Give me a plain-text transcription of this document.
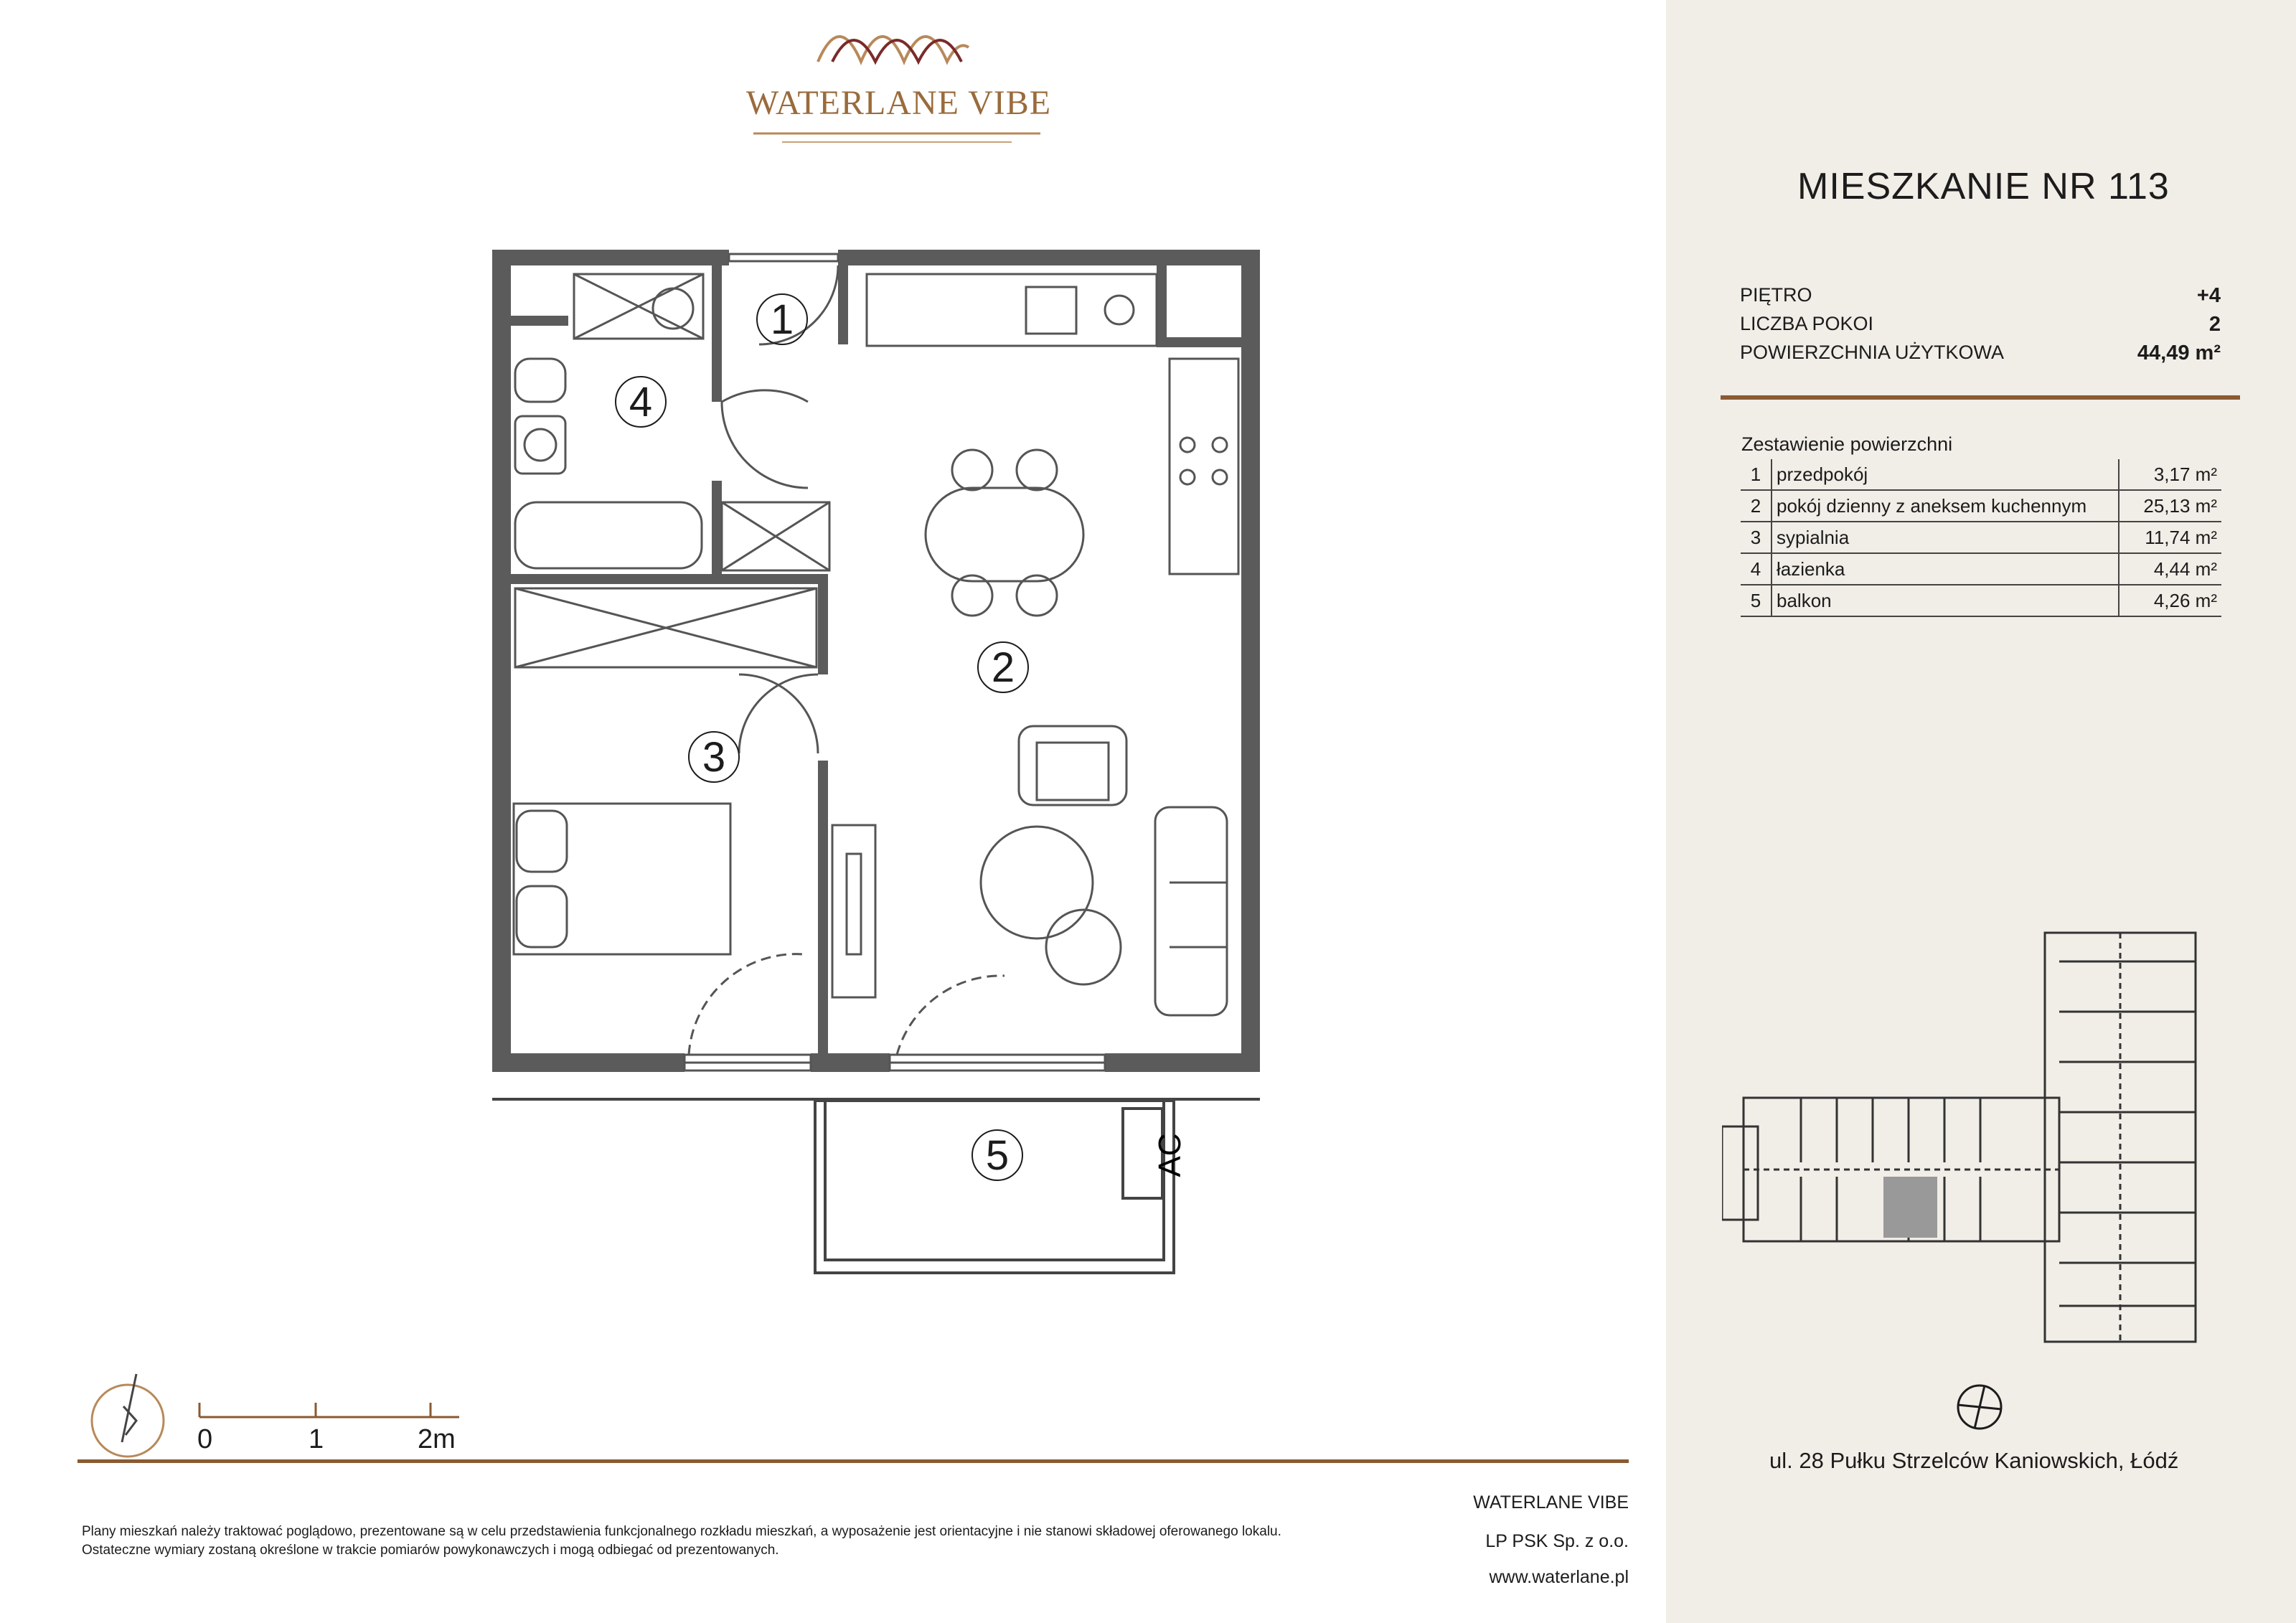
WATERLANE VIBE
1
2
3
4
5	AC
0	1	2m
MIESZKANIE NR 113
PIĘTRO	+4
LICZBA POKOI	2
POWIERZCHNIA UŻYTKOWA	44,49 m²
Zestawienie powierzchni
1	przedpokój	3,17 m²
2	pokój dzienny z aneksem kuchennym	25,13 m²
3	sypialnia	11,74 m²
4	łazienka	4,44 m²
5	balkon	4,26 m²
ul. 28 Pułku Strzelców Kaniowskich, Łódź
Plany mieszkań należy traktować poglądowo, prezentowane są w celu przedstawienia funkcjonalnego rozkładu mieszkań, a wyposażenie jest orientacyjne i nie stanowi składowej oferowanego lokalu.
Ostateczne wymiary zostaną określone w trakcie pomiarów powykonawczych i mogą odbiegać od prezentowanych.
WATERLANE VIBE
LP PSK Sp. z o.o.
www.waterlane.pl
